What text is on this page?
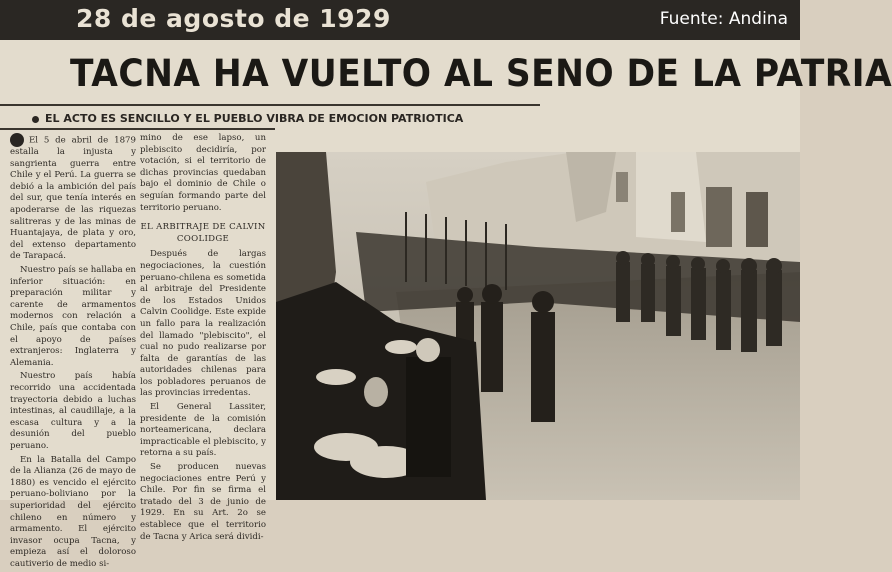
28 de agosto de 1929	Fuente: Andina
TACNA HA VUELTO AL SENO DE LA PATRIA
EL ACTO ES SENCILLO Y EL PUEBLO VIBRA DE EMOCION PATRIOTICA

El 5 de abril de 1879 estalla la injusta y sangrienta guerra entre Chile y el Perú. La guerra se debió a la ambición del país del sur, que tenía interés en apoderarse de las riquezas salitreras y de las minas de Huantajaya, de plata y oro, del extenso departamento de Tarapacá.

Nuestro país se hallaba en inferior situación: en preparación militar y carente de armamentos modernos con relación a Chile, país que contaba con el apoyo de países extranjeros: Inglaterra y Alemania.

Nuestro país había recorrido una accidentada trayectoria debido a luchas intestinas, al caudillaje, a la escasa cultura y a la desunión del pueblo peruano.

En la Batalla del Campo de la Alianza (26 de mayo de 1880) es vencido el ejército peruano-boliviano por la superioridad del ejército chileno en número y armamento. El ejército invasor ocupa Tacna, y empieza así el doloroso cautiverio de medio si-

mino de ese lapso, un plebiscito decidiría, por votación, si el territorio de dichas provincias quedaban bajo el dominio de Chile o seguían formando parte del territorio peruano.

EL ARBITRAJE DE CALVIN COOLIDGE

Después de largas negociaciones, la cuestión peruano-chilena es sometida al arbitraje del Presidente de los Estados Unidos Calvin Coolidge. Este expide un fallo para la realización del llamado "plebiscito", el cual no pudo realizarse por falta de garantías de las autoridades chilenas para los pobladores peruanos de las provincias irredentas.

El General Lassiter, presidente de la comisión norteamericana, declara impracticable el plebiscito, y retorna a su país.

Se producen nuevas negociaciones entre Perú y Chile. Por fin se firma el tratado del 3 de junio de 1929. En su Art. 2o se establece que el territorio de Tacna y Arica será dividi-
